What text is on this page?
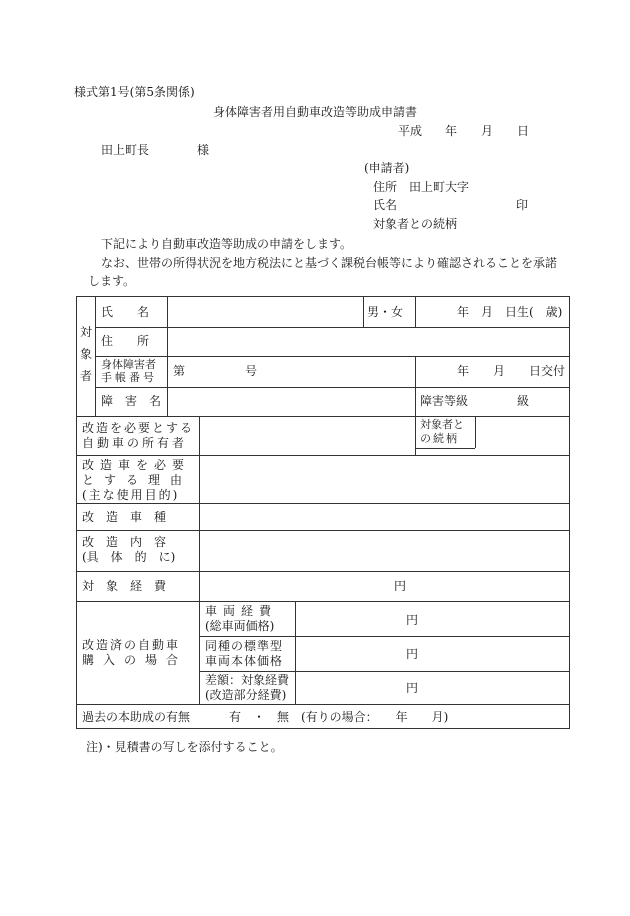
様式第1号(第5条関係)
身体障害者用自動車改造等助成申請書
平成 年 月 日
田上町長	様
(申請者)
住所 田上町大字
氏名	印
対象者との続柄
下記により自動車改造等助成の申請をします。
なお、世帯の所得状況を地方税法にと基づく課税台帳等により確認されることを承諾
します。
対
象
者
氏　　名	男・女	年　月　日生(　歳)
住　　所
身体障害者
手帳番号 第	号	年　　月　　日交付
障　害　名	障害等級	級
改造を必要とする
自動車の所有者
対象者と
の続柄
改造車を必要
とする理由
(主な使用目的)
改　造　車　種
改　造　内　容
(具　体　的　に)
対　象　経　費	円
改造済の自動車
購入の場合
車両経費
(総車両価格)	円
同種の標準型
車両本体価格	円
差額：対象経費
(改造部分経費)	円
過去の本助成の有無	有　・　無　(有りの場合：　　年　　月)
注)・見積書の写しを添付すること。
